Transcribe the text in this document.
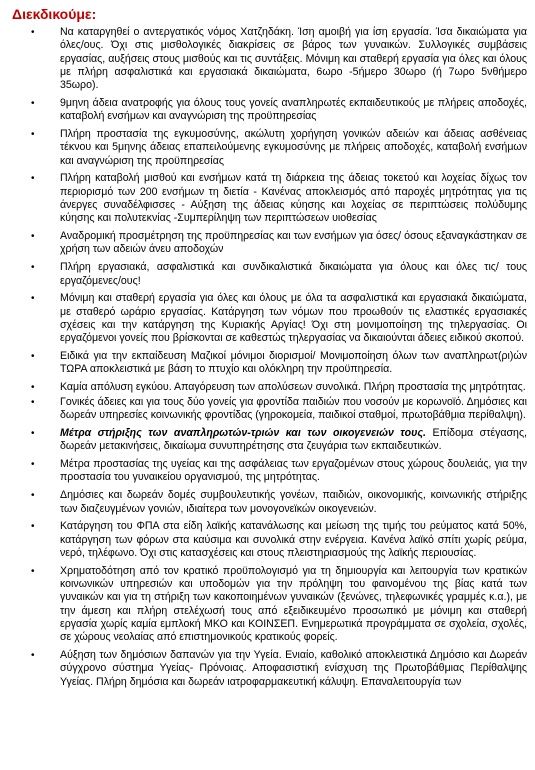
Διεκδικούμε:
• Να καταργηθεί ο αντεργατικός νόμος Χατζηδάκη. Ίση αμοιβή για ίση εργασία. Ίσα δικαιώματα για όλες/ους. Όχι στις μισθολογικές διακρίσεις σε βάρος των γυναικών. Συλλογικές συμβάσεις εργασίας, αυξήσεις στους μισθούς και τις συντάξεις. Μόνιμη και σταθερή εργασία για όλες και όλους με πλήρη ασφαλιστικά και εργασιακά δικαιώματα, 6ωρο -5ήμερο 30ωρο (ή 7ωρο 5νθήμερο 35ωρο).
• 9μηνη άδεια ανατροφής για όλους τους γονείς αναπληρωτές εκπαιδευτικούς με πλήρεις αποδοχές, καταβολή ενσήμων και αναγνώριση της προϋπηρεσίας
• Πλήρη προστασία της εγκυμοσύνης, ακώλυτη χορήγηση γονικών αδειών και άδειας ασθένειας τέκνου και 5μηνης άδειας επαπειλούμενης εγκυμοσύνης με πλήρεις αποδοχές, καταβολή ενσήμων και αναγνώριση της προϋπηρεσίας
• Πλήρη καταβολή μισθού και ενσήμων κατά τη διάρκεια της άδειας τοκετού και λοχείας δίχως τον περιορισμό των 200 ενσήμων τη διετία - Κανένας αποκλεισμός από παροχές μητρότητας για τις άνεργες συναδέλφισσες - Αύξηση της άδειας κύησης και λοχείας σε περιπτώσεις πολύδυμης κύησης και πολυτεκνίας -Συμπερίληψη των περιπτώσεων υιοθεσίας
• Αναδρομική προσμέτρηση της προϋπηρεσίας και των ενσήμων για όσες/ όσους εξαναγκάστηκαν σε χρήση των αδειών άνευ αποδοχών
• Πλήρη εργασιακά, ασφαλιστικά και συνδικαλιστικά δικαιώματα για όλους και όλες τις/ τους εργαζόμενες/ους!
• Μόνιμη και σταθερή εργασία για όλες και όλους με όλα τα ασφαλιστικά και εργασιακά δικαιώματα, με σταθερό ωράριο εργασίας. Κατάργηση των νόμων που προωθούν τις ελαστικές εργασιακές σχέσεις και την κατάργηση της Κυριακής Αργίας! Όχι στη μονιμοποίηση της τηλεργασίας. Οι εργαζόμενοι γονείς που βρίσκονται σε καθεστώς τηλεργασίας να δικαιούνται άδειες ειδικού σκοπού.
• Ειδικά για την εκπαίδευση Μαζικοί μόνιμοι διορισμοί/ Μονιμοποίηση όλων των αναπληρωτ(ρι)ών ΤΩΡΑ αποκλειστικά με βάση το πτυχίο και ολόκληρη την προϋπηρεσία.
• Καμία απόλυση εγκύου. Απαγόρευση των απολύσεων συνολικά. Πλήρη προστασία της μητρότητας.
• Γονικές άδειες και για τους δύο γονείς για φροντίδα παιδιών που νοσούν με κορωνοϊό. Δημόσιες και δωρεάν υπηρεσίες κοινωνικής φροντίδας (γηροκομεία, παιδικοί σταθμοί, πρωτοβάθμια περίθαλψη).
• Μέτρα στήριξης των αναπληρωτών-τριών και των οικογενειών τους. Επίδομα στέγασης, δωρεάν μετακινήσεις, δικαίωμα συνυπηρέτησης στα ζευγάρια των εκπαιδευτικών.
• Μέτρα προστασίας της υγείας και της ασφάλειας των εργαζομένων στους χώρους δουλειάς, για την προστασία του γυναικείου οργανισμού, της μητρότητας.
• Δημόσιες και δωρεάν δομές συμβουλευτικής γονέων, παιδιών, οικονομικής, κοινωνικής στήριξης των διαζευγμένων γονιών, ιδιαίτερα των μονογονεϊκών οικογενειών.
• Κατάργηση του ΦΠΑ στα είδη λαϊκής κατανάλωσης και μείωση της τιμής του ρεύματος κατά 50%, κατάργηση των φόρων στα καύσιμα και συνολικά στην ενέργεια. Κανένα λαϊκό σπίτι χωρίς ρεύμα, νερό, τηλέφωνο. Όχι στις κατασχέσεις και στους πλειστηριασμούς της λαϊκής περιουσίας.
• Χρηματοδότηση από τον κρατικό προϋπολογισμό για τη δημιουργία και λειτουργία των κρατικών κοινωνικών υπηρεσιών και υποδομών για την πρόληψη του φαινομένου της βίας κατά των γυναικών και για τη στήριξη των κακοποιημένων γυναικών (ξενώνες, τηλεφωνικές γραμμές κ.α.), με την άμεση και πλήρη στελέχωσή τους από εξειδικευμένο προσωπικό με μόνιμη και σταθερή εργασία χωρίς καμία εμπλοκή ΜΚΟ και ΚΟΙΝΣΕΠ. Ενημερωτικά προγράμματα σε σχολεία, σχολές, σε χώρους νεολαίας από επιστημονικούς κρατικούς φορείς.
• Αύξηση των δημόσιων δαπανών για την Υγεία. Ενιαίο, καθολικό αποκλειστικά Δημόσιο και Δωρεάν σύγχρονο σύστημα Υγείας- Πρόνοιας. Αποφασιστική ενίσχυση της Πρωτοβάθμιας Περίθαλψης Υγείας. Πλήρη δημόσια και δωρεάν ιατροφαρμακευτική κάλυψη. Επαναλειτουργία των
